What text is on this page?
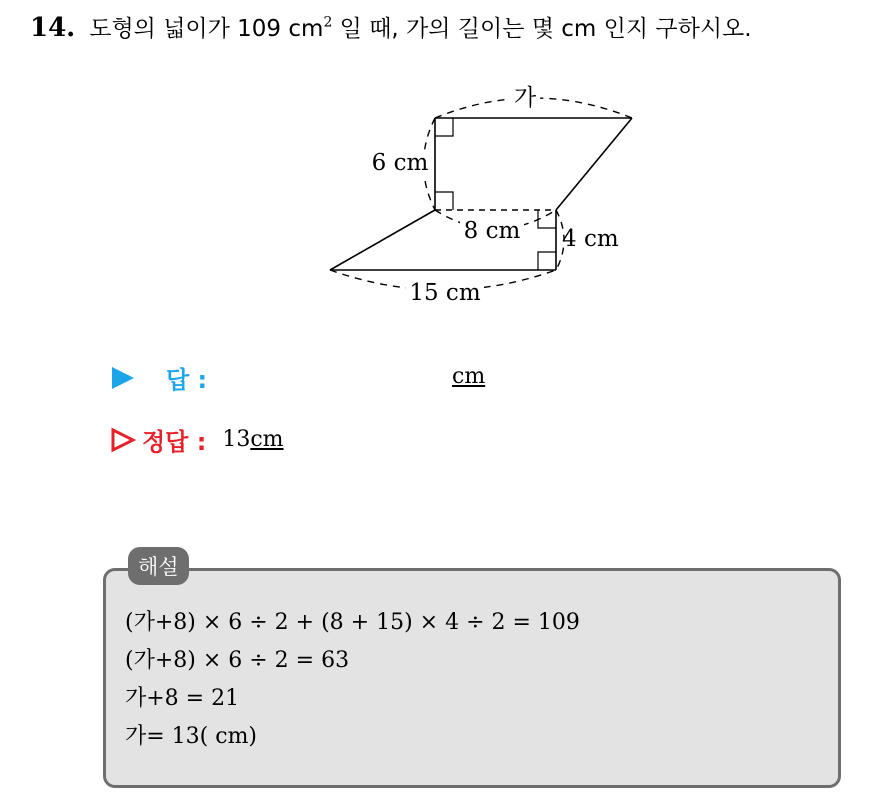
14. 도형의 넓이가 109 $cm^2$ 일 때, 가의 길이는 몇 cm 인지 구하시오.
가
6 cm
8 cm 4 cm
15 cm
답 :	cm
정답 : 13cm
해설
(가+8) × 6 ÷ 2 + (8 + 15) × 4 ÷ 2 = 109
(가+8) × 6 ÷ 2 = 63
가+8 = 21
가= 13( cm)
